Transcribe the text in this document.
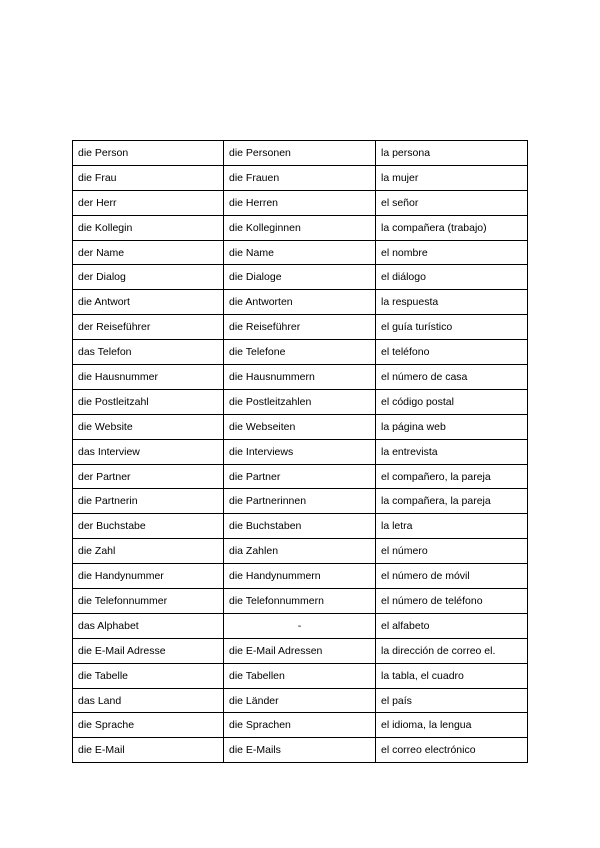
die Person	die Personen	la persona
die Frau	die Frauen	la mujer
der Herr	die Herren	el señor
die Kollegin	die Kolleginnen	la compañera (trabajo)
der Name	die Name	el nombre
der Dialog	die Dialoge	el diálogo
die Antwort	die Antworten	la respuesta
der Reiseführer	die Reiseführer	el guía turístico
das Telefon	die Telefone	el teléfono
die Hausnummer	die Hausnummern	el número de casa
die Postleitzahl	die Postleitzahlen	el código postal
die Website	die Webseiten	la página web
das Interview	die Interviews	la entrevista
der Partner	die Partner	el compañero, la pareja
die Partnerin	die Partnerinnen	la compañera, la pareja
der Buchstabe	die Buchstaben	la letra
die Zahl	dia Zahlen	el número
die Handynummer	die Handynummern	el número de móvil
die Telefonnummer	die Telefonnummern	el número de teléfono
das Alphabet	-	el alfabeto
die E-Mail Adresse	die E-Mail Adressen	la dirección de correo el.
die Tabelle	die Tabellen	la tabla, el cuadro
das Land	die Länder	el país
die Sprache	die Sprachen	el idioma, la lengua
die E-Mail	die E-Mails	el correo electrónico
